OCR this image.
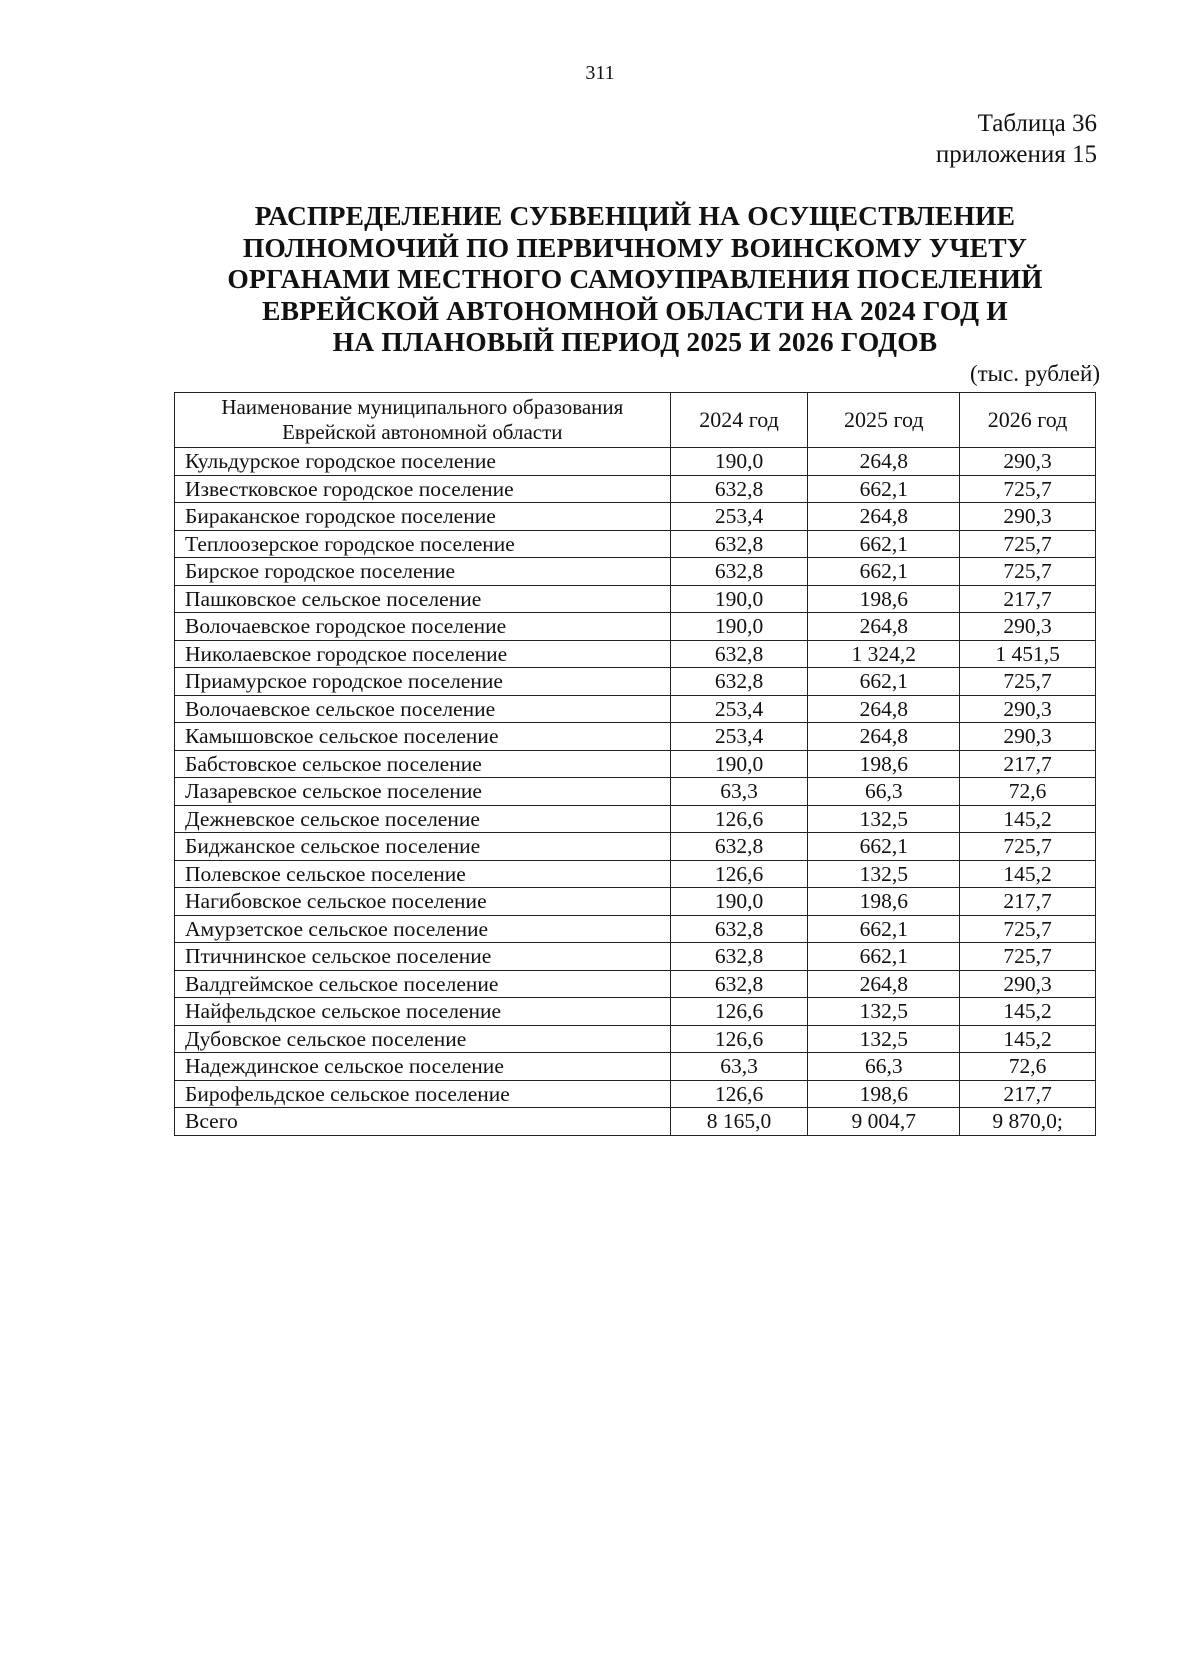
311
Таблица 36
приложения 15
РАСПРЕДЕЛЕНИЕ СУБВЕНЦИЙ НА ОСУЩЕСТВЛЕНИЕ
ПОЛНОМОЧИЙ ПО ПЕРВИЧНОМУ ВОИНСКОМУ УЧЕТУ
ОРГАНАМИ МЕСТНОГО САМОУПРАВЛЕНИЯ ПОСЕЛЕНИЙ
ЕВРЕЙСКОЙ АВТОНОМНОЙ ОБЛАСТИ НА 2024 ГОД И
НА ПЛАНОВЫЙ ПЕРИОД 2025 И 2026 ГОДОВ
(тыс. рублей)
Наименование муниципального образования
Еврейской автономной области	2024 год	2025 год	2026 год
Кульдурское городское поселение	190,0	264,8	290,3
Известковское городское поселение	632,8	662,1	725,7
Бираканское городское поселение	253,4	264,8	290,3
Теплоозерское городское поселение	632,8	662,1	725,7
Бирское городское поселение	632,8	662,1	725,7
Пашковское сельское поселение	190,0	198,6	217,7
Волочаевское городское поселение	190,0	264,8	290,3
Николаевское городское поселение	632,8	1 324,2	1 451,5
Приамурское городское поселение	632,8	662,1	725,7
Волочаевское сельское поселение	253,4	264,8	290,3
Камышовское сельское поселение	253,4	264,8	290,3
Бабстовское сельское поселение	190,0	198,6	217,7
Лазаревское сельское поселение	63,3	66,3	72,6
Дежневское сельское поселение	126,6	132,5	145,2
Биджанское сельское поселение	632,8	662,1	725,7
Полевское сельское поселение	126,6	132,5	145,2
Нагибовское сельское поселение	190,0	198,6	217,7
Амурзетское сельское поселение	632,8	662,1	725,7
Птичнинское сельское поселение	632,8	662,1	725,7
Валдгеймское сельское поселение	632,8	264,8	290,3
Найфельдское сельское поселение	126,6	132,5	145,2
Дубовское сельское поселение	126,6	132,5	145,2
Надеждинское сельское поселение	63,3	66,3	72,6
Бирофельдское сельское поселение	126,6	198,6	217,7
Всего	8 165,0	9 004,7	9 870,0;
